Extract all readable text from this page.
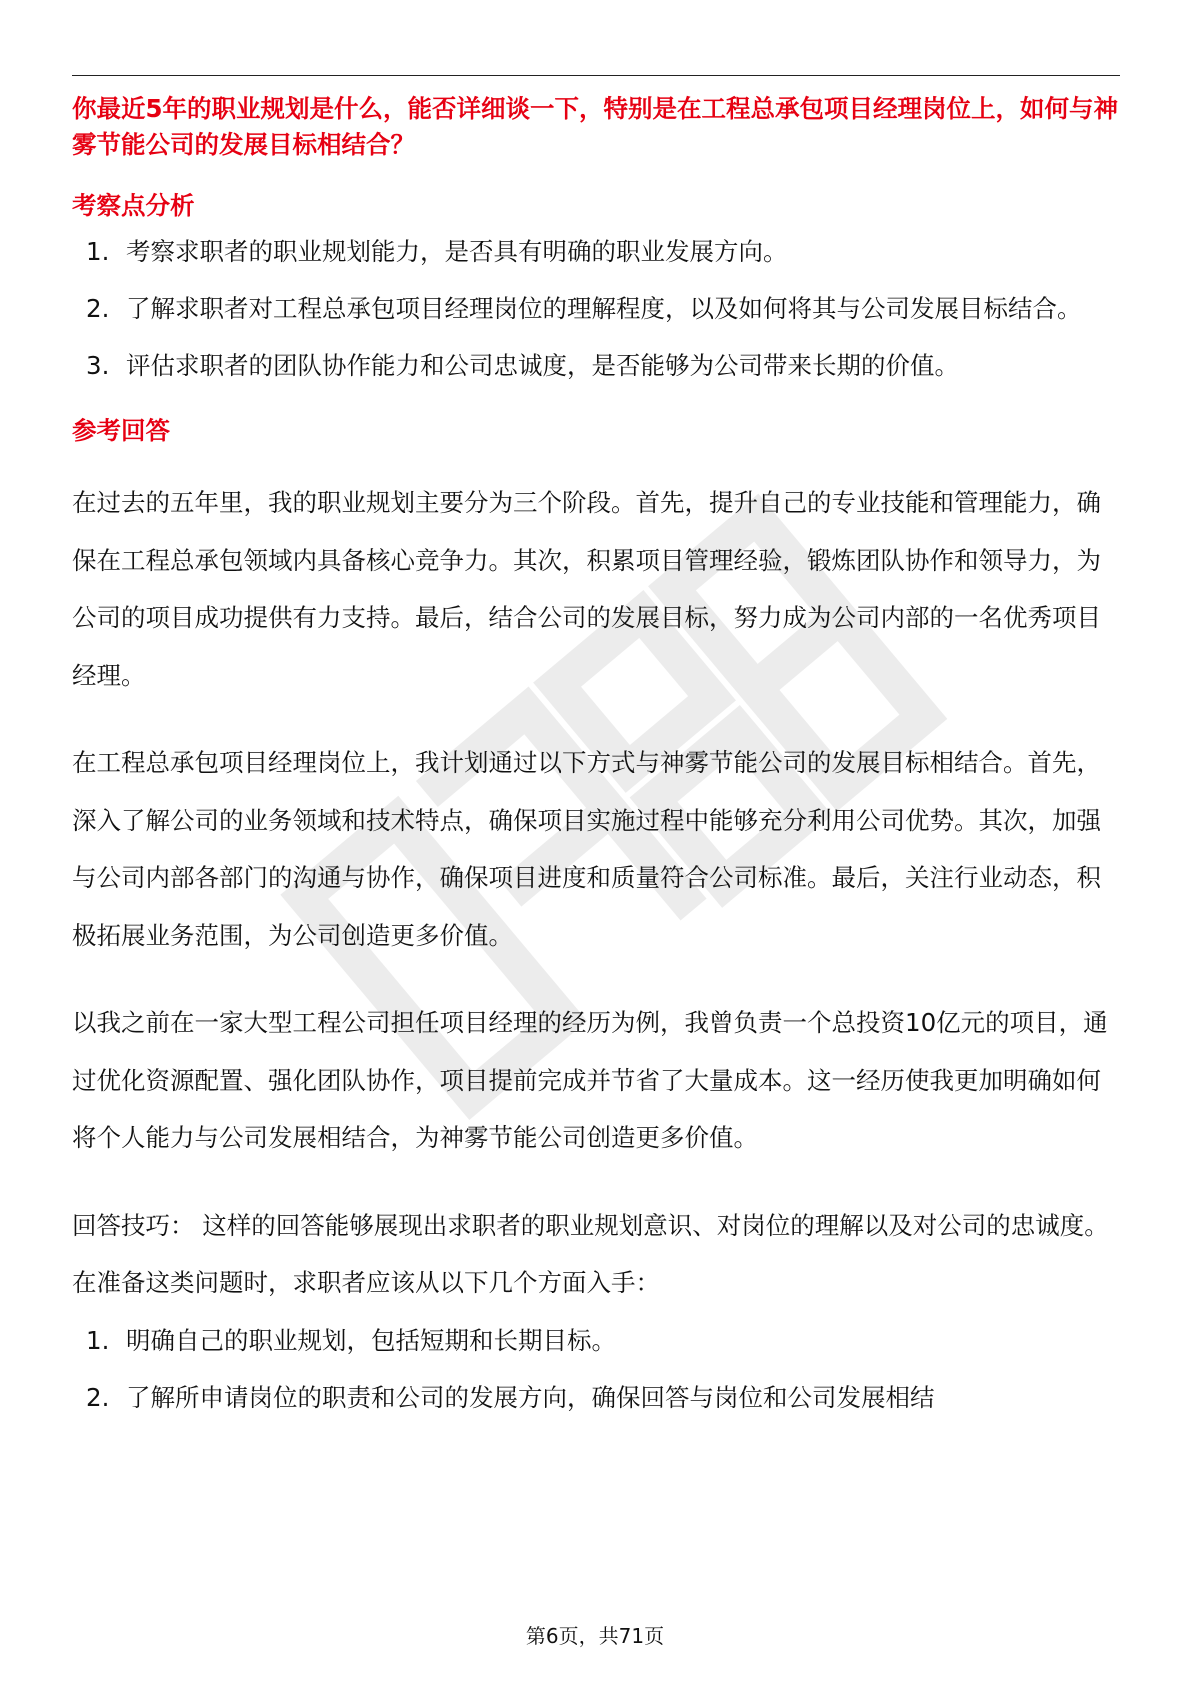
你最近5年的职业规划是什么，能否详细谈一下，特别是在工程总承包项目经理岗位上，如何与神雾节能公司的发展目标相结合？

考察点分析
1. 考察求职者的职业规划能力，是否具有明确的职业发展方向。
2. 了解求职者对工程总承包项目经理岗位的理解程度，以及如何将其与公司发展目标结合。
3. 评估求职者的团队协作能力和公司忠诚度，是否能够为公司带来长期的价值。
参考回答

在过去的五年里，我的职业规划主要分为三个阶段。首先，提升自己的专业技能和管理能力，确保在工程总承包领域内具备核心竞争力。其次，积累项目管理经验，锻炼团队协作和领导力，为公司的项目成功提供有力支持。最后，结合公司的发展目标，努力成为公司内部的一名优秀项目经理。

在工程总承包项目经理岗位上，我计划通过以下方式与神雾节能公司的发展目标相结合。首先，深入了解公司的业务领域和技术特点，确保项目实施过程中能够充分利用公司优势。其次，加强与公司内部各部门的沟通与协作，确保项目进度和质量符合公司标准。最后，关注行业动态，积极拓展业务范围，为公司创造更多价值。

以我之前在一家大型工程公司担任项目经理的经历为例，我曾负责一个总投资10亿元的项目，通过优化资源配置、强化团队协作，项目提前完成并节省了大量成本。这一经历使我更加明确如何将个人能力与公司发展相结合，为神雾节能公司创造更多价值。

回答技巧： 这样的回答能够展现出求职者的职业规划意识、对岗位的理解以及对公司的忠诚度。在准备这类问题时，求职者应该从以下几个方面入手：

1. 明确自己的职业规划，包括短期和长期目标。
2. 了解所申请岗位的职责和公司的发展方向，确保回答与岗位和公司发展相结
第6页，共71页
